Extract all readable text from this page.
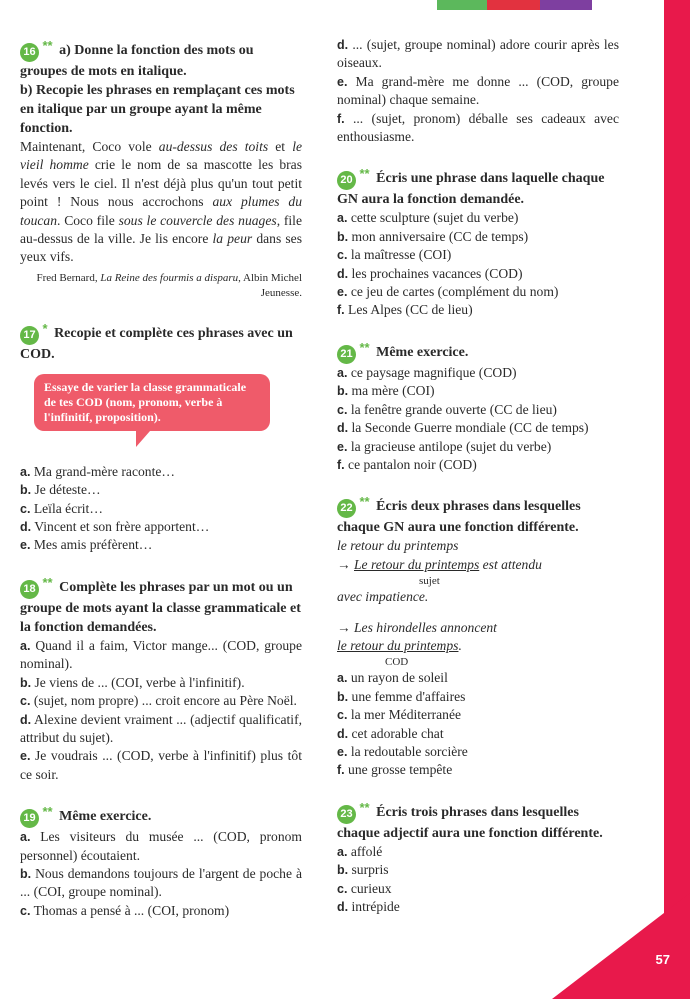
57
16 ** a) Donne la fonction des mots ou groupes de mots en italique.
b) Recopie les phrases en remplaçant ces mots en italique par un groupe ayant la même fonction.
Maintenant, Coco vole au-dessus des toits et le vieil homme crie le nom de sa mascotte les bras levés vers le ciel. Il n'est déjà plus qu'un tout petit point ! Nous nous accrochons aux plumes du toucan. Coco file sous le couvercle des nuages, file au-dessus de la ville. Je lis encore la peur dans ses yeux vifs.
Fred Bernard, La Reine des fourmis a disparu, Albin Michel Jeunesse.
17 * Recopie et complète ces phrases avec un COD.
Essaye de varier la classe grammaticale de tes COD (nom, pronom, verbe à l'infinitif, proposition).

a. Ma grand-mère raconte…

b. Je déteste…

c. Leïla écrit…

d. Vincent et son frère apportent…

e. Mes amis préfèrent…

18 ** Complète les phrases par un mot ou un groupe de mots ayant la classe grammaticale et la fonction demandées.

a. Quand il a faim, Victor mange... (COD, groupe nominal).

b. Je viens de ... (COI, verbe à l'infinitif).

c. (sujet, nom propre) ... croit encore au Père Noël.

d. Alexine devient vraiment ... (adjectif qualificatif, attribut du sujet).

e. Je voudrais ... (COD, verbe à l'infinitif) plus tôt ce soir.

19 ** Même exercice.

a. Les visiteurs du musée ... (COD, pronom personnel) écoutaient.

b. Nous demandons toujours de l'argent de poche à ... (COI, groupe nominal).

c. Thomas a pensé à ... (COI, pronom)

d. ... (sujet, groupe nominal) adore courir après les oiseaux.

e. Ma grand-mère me donne ... (COD, groupe nominal) chaque semaine.

f. ... (sujet, pronom) déballe ses cadeaux avec enthousiasme.

20 ** Écris une phrase dans laquelle chaque GN aura la fonction demandée.

a. cette sculpture (sujet du verbe)

b. mon anniversaire (CC de temps)

c. la maîtresse (COI)

d. les prochaines vacances (COD)

e. ce jeu de cartes (complément du nom)

f. Les Alpes (CC de lieu)

21 ** Même exercice.

a. ce paysage magnifique (COD)

b. ma mère (COI)

c. la fenêtre grande ouverte (CC de lieu)

d. la Seconde Guerre mondiale (CC de temps)

e. la gracieuse antilope (sujet du verbe)

f. ce pantalon noir (COD)

22 ** Écris deux phrases dans lesquelles chaque GN aura une fonction différente.

le retour du printemps

→ Le retour du printemps est attendu
sujet
avec impatience.

→ Les hirondelles annoncent
le retour du printemps.
COD

a. un rayon de soleil

b. une femme d'affaires

c. la mer Méditerranée

d. cet adorable chat

e. la redoutable sorcière

f. une grosse tempête

23 ** Écris trois phrases dans lesquelles chaque adjectif aura une fonction différente.

a. affolé

b. surpris

c. curieux

d. intrépide
